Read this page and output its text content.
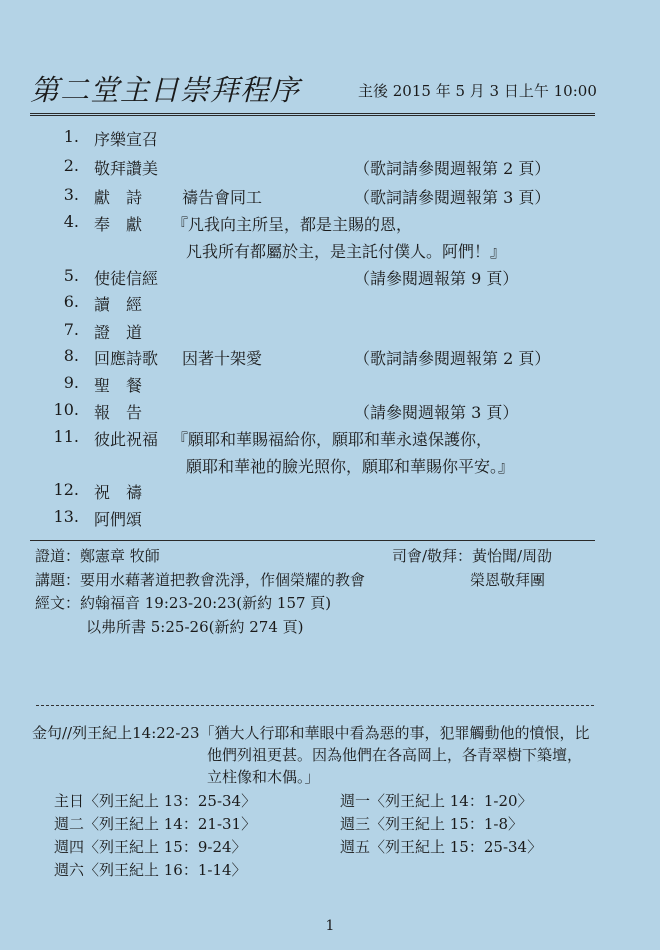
第二堂主日崇拜程序	主後 2015 年 5 月 3 日上午 10:00
1. 序樂宣召
2. 敬拜讚美	（歌詞請參閱週報第 2 頁）
3. 獻　詩 禱告會同工	（歌詞請參閱週報第 3 頁）
4. 奉　獻 『凡我向主所呈，都是主賜的恩，
凡我所有都屬於主，是主託付僕人。阿們！』
5. 使徒信經	（請參閱週報第 9 頁）
6. 讀　經
7. 證　道
8. 回應詩歌 因著十架愛	（歌詞請參閱週報第 2 頁）
9. 聖　餐
10. 報　告	（請參閱週報第 3 頁）
11. 彼此祝福 『願耶和華賜福給你，願耶和華永遠保護你，
願耶和華祂的臉光照你，願耶和華賜你平安。』
12. 祝　禱
13. 阿們頌
證道：鄭憲章 牧師	司會/敬拜：黃怡聞/周劭
講題：要用水藉著道把教會洗淨，作個榮耀的教會	榮恩敬拜團
經文：約翰福音 19:23-20:23(新約 157 頁)
以弗所書 5:25-26(新約 274 頁)
金句//列王紀上14:22-23「猶大人行耶和華眼中看為惡的事，犯罪觸動他的憤恨，比
他們列祖更甚。因為他們在各高岡上，各青翠樹下築壇，
立柱像和木偶。」
主日〈列王紀上 13：25-34〉	週一〈列王紀上 14：1-20〉
週二〈列王紀上 14：21-31〉	週三〈列王紀上 15：1-8〉
週四〈列王紀上 15：9-24〉	週五〈列王紀上 15：25-34〉
週六〈列王紀上 16：1-14〉
1
